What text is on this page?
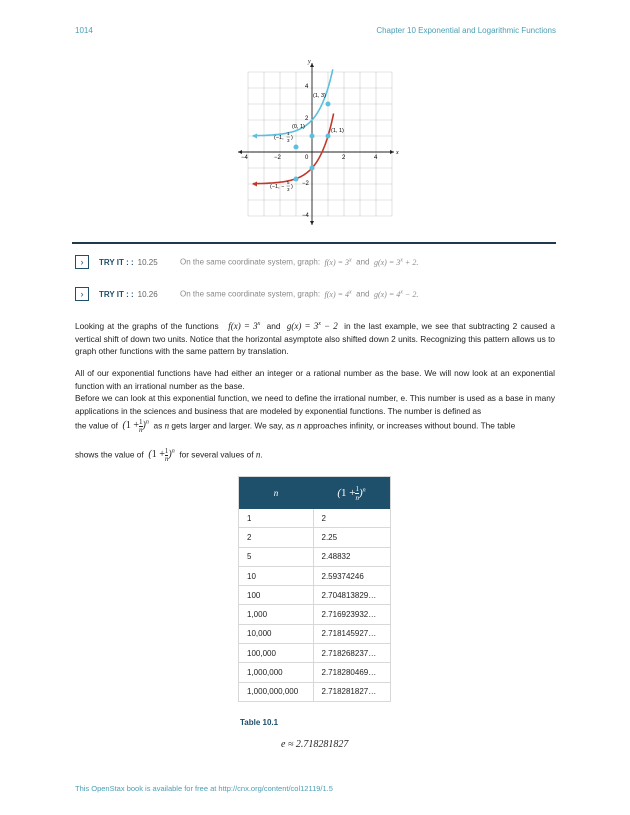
1014	Chapter 10 Exponential and Logarithmic Functions
x
y
−4	−2	0	2	4
4
2
−2
−4
(1, 3)
(0, 1)
(1, 1)
(−1,
1
3 )
(−1, −
5
3 )
›	TRY IT : : 10.25	On the same coordinate system, graph: $f(x) = 3^x$ and $g(x) = 3^x + 2$.
›	TRY IT : : 10.26	On the same coordinate system, graph: $f(x) = 4^x$ and $g(x) = 4^x - 2$.
Looking at the graphs of the functions $f(x) = 3^x$ and $g(x) = 3^x - 2$ in the last example, we see that subtracting 2 caused a vertical shift of down two units. Notice that the horizontal asymptote also shifted down 2 units. Recognizing this pattern allows us to graph other functions with the same pattern by translation.
All of our exponential functions have had either an integer or a rational number as the base. We will now look at an exponential function with an irrational number as the base.
Before we can look at this exponential function, we need to define the irrational number, e. This number is used as a base in many applications in the sciences and business that are modeled by exponential functions. The number is defined as
the value of $(1 + \frac{1}{n} )^n$ as n gets larger and larger. We say, as n approaches infinity, or increases without bound. The table
shows the value of $(1 + \frac{1}{n} )^n$ for several values of n.
n	$(1 + \frac{1}{n} )^n$
1	2
2	2.25
5	2.48832
10	2.59374246
100	2.704813829…
1,000	2.716923932…
10,000	2.718145927…
100,000	2.718268237…
1,000,000	2.718280469…
1,000,000,000	2.718281827…
Table 10.1
e ≈ 2.718281827
This OpenStax book is available for free at http://cnx.org/content/col12119/1.5
